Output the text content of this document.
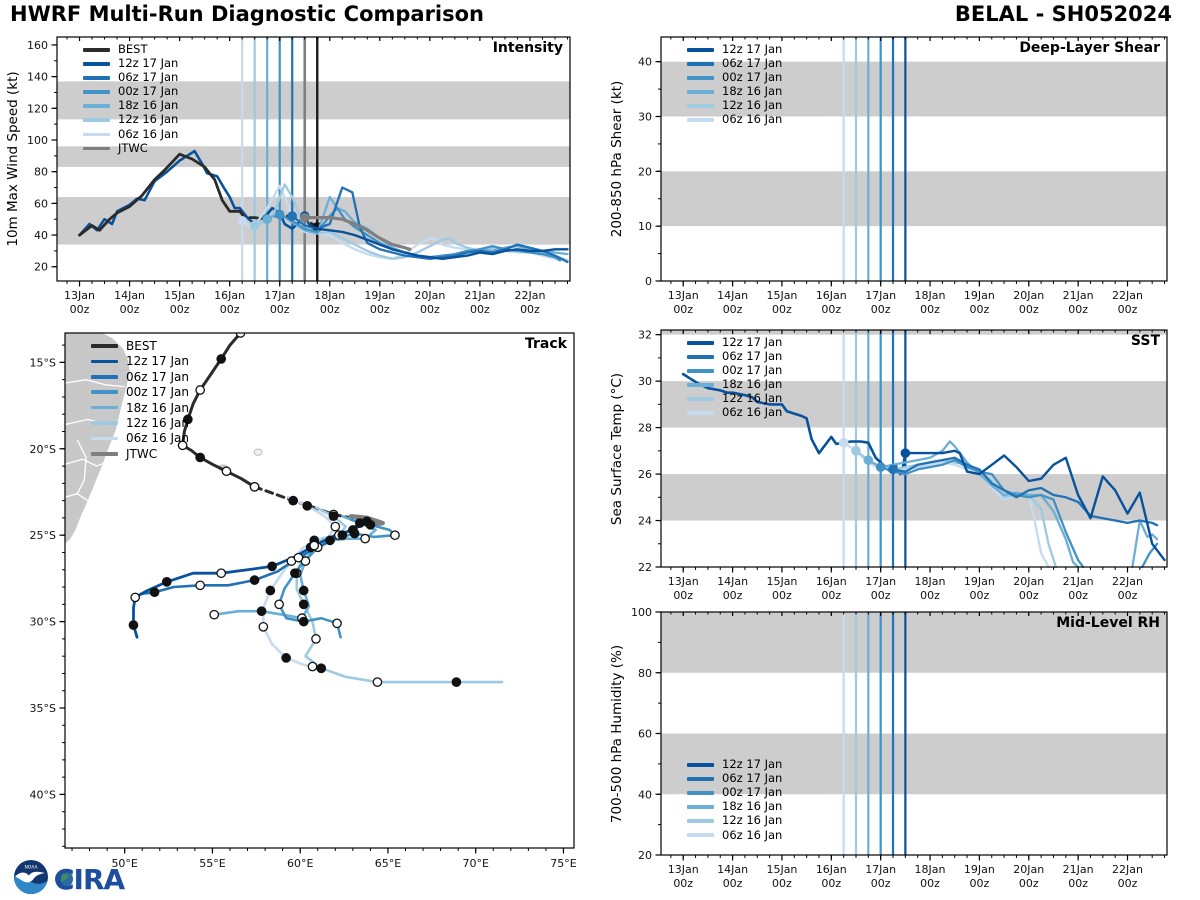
HWRF Multi-Run Diagnostic Comparison	BELAL - SH052024
10m Max Wind Speed (kt)
Intensity
13Jan
00z
14Jan
00z
15Jan
00z
16Jan
00z
17Jan
00z
18Jan
00z
19Jan
00z
20Jan
00z
21Jan
00z
22Jan
00z
20
40
60
80
100
120
140
160	BEST
12z 17 Jan
06z 17 Jan
00z 17 Jan
18z 16 Jan
12z 16 Jan
06z 16 Jan
JTWC
Track
50°E	55°E	60°E	65°E	70°E	75°E
15°S
20°S
25°S
30°S
35°S
40°S
BEST
12z 17 Jan
06z 17 Jan
00z 17 Jan
18z 16 Jan
12z 16 Jan
06z 16 Jan
JTWC
200-850 hPa Shear (kt)
Deep-Layer Shear
13Jan
00z
14Jan
00z
15Jan
00z
16Jan
00z
17Jan
00z
18Jan
00z
19Jan
00z
20Jan
00z
21Jan
00z
22Jan
00z
0
10
20
30
40
12z 17 Jan
06z 17 Jan
00z 17 Jan
18z 16 Jan
12z 16 Jan
06z 16 Jan
Sea Surface Temp (°C)
SST
13Jan
00z
14Jan
00z
15Jan
00z
16Jan
00z
17Jan
00z
18Jan
00z
19Jan
00z
20Jan
00z
21Jan
00z
22Jan
00z
22
24
26
28
30
32	12z 17 Jan
06z 17 Jan
00z 17 Jan
18z 16 Jan
12z 16 Jan
06z 16 Jan
700-500 hPa Humidity (%)
Mid-Level RH
13Jan
00z
14Jan
00z
15Jan
00z
16Jan
00z
17Jan
00z
18Jan
00z
19Jan
00z
20Jan
00z
21Jan
00z
22Jan
00z
20
40
60
80
100
12z 17 Jan
06z 17 Jan
00z 17 Jan
18z 16 Jan
12z 16 Jan
06z 16 Jan
NOAA CIRA
